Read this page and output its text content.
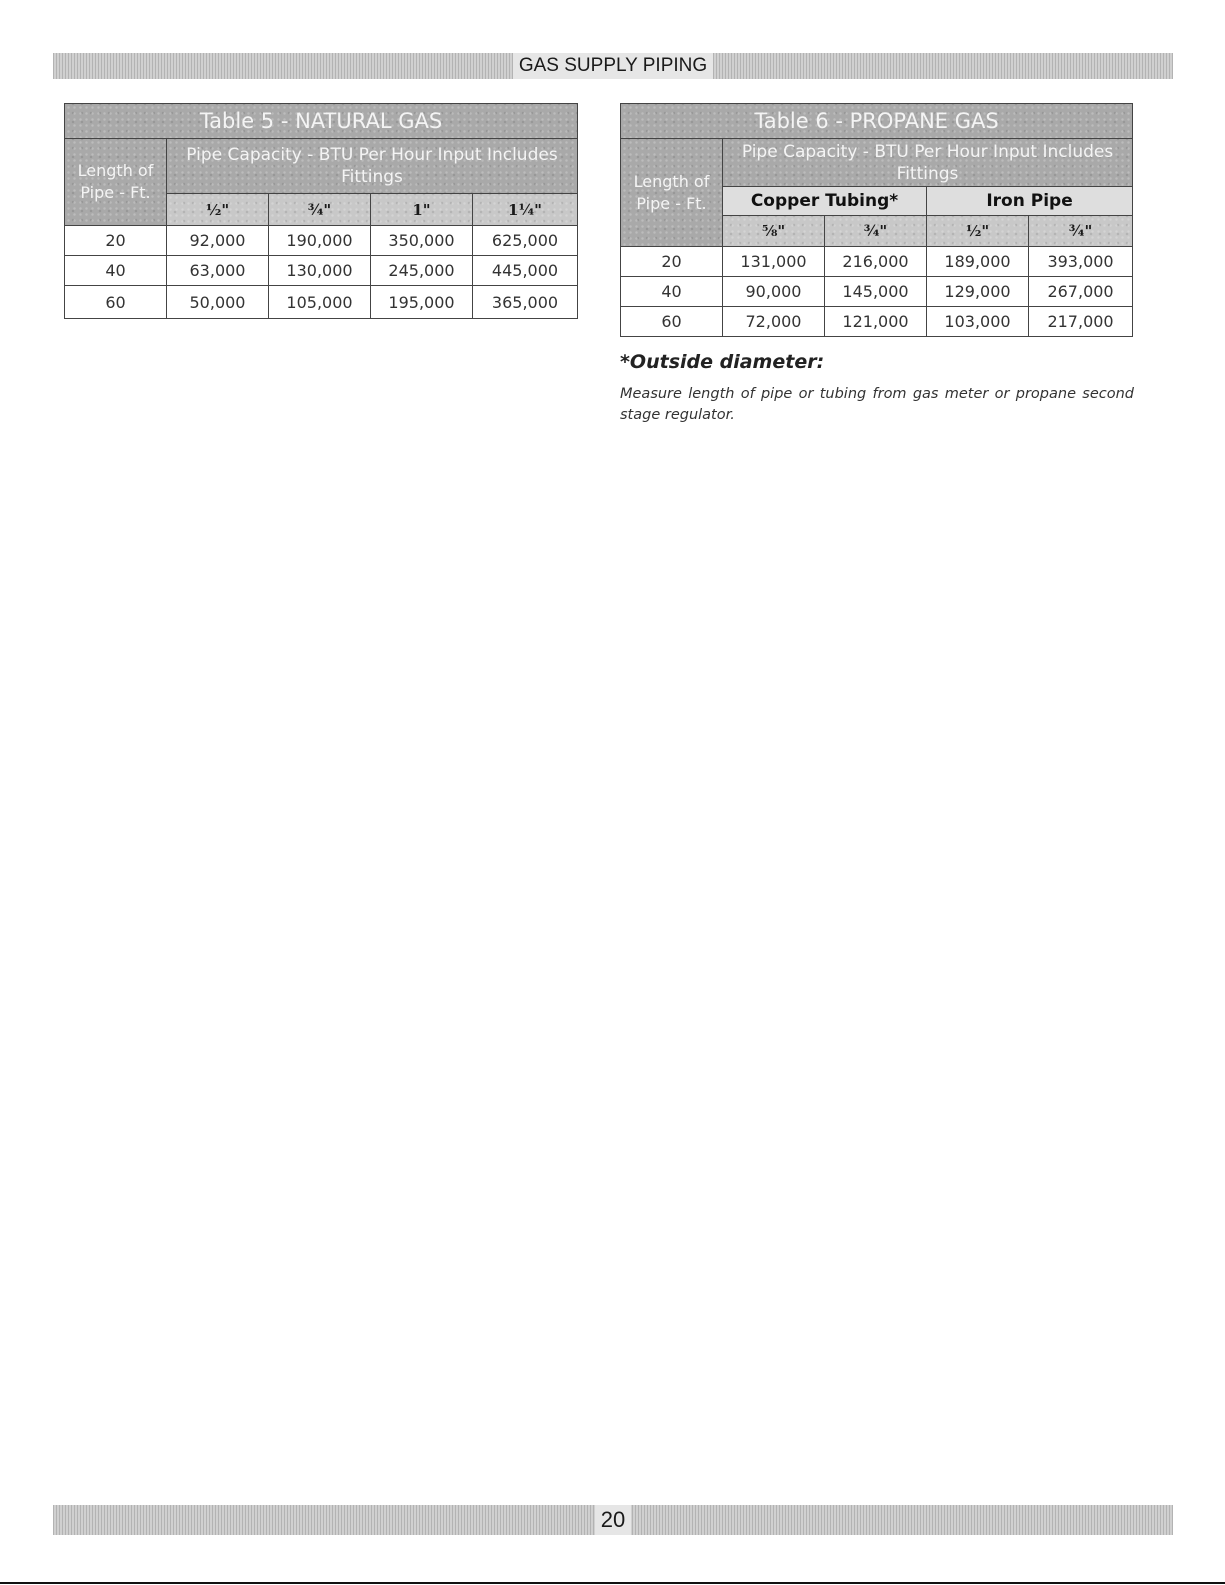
GAS SUPPLY PIPING
Table 5 - NATURAL GAS				
Length of Pipe - Ft.	Pipe Capacity - BTU Per Hour Input Includes Fittings			
	½"	¾"	1"	1¼"
20	92,000	190,000	350,000	625,000
40	63,000	130,000	245,000	445,000
60	50,000	105,000	195,000	365,000
Table 6 - PROPANE GAS				
Length of Pipe - Ft.	Pipe Capacity - BTU Per Hour Input Includes Fittings			
	Copper Tubing*		Iron Pipe	
	⅝"	¾"	½"	¾"
20	131,000	216,000	189,000	393,000
40	90,000	145,000	129,000	267,000
60	72,000	121,000	103,000	217,000

*Outside diameter:

Measure length of pipe or tubing from gas meter or propane second stage regulator.

20
